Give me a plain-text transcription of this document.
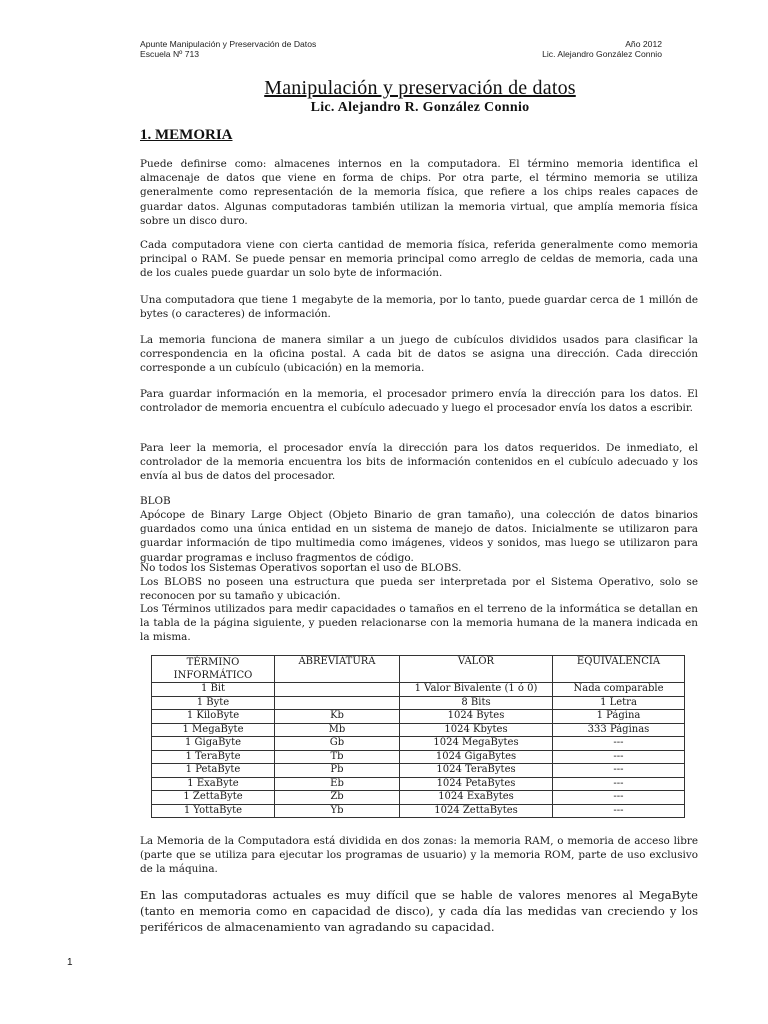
Apunte Manipulación y Preservación de Datos	Año 2012
Escuela Nº 713	Lic. Alejandro González Connio
Manipulación y preservación de datos
Lic. Alejandro R. González Connio
1. MEMORIA
Puede definirse como: almacenes internos en la computadora. El término memoria identifica el almacenaje de datos que viene en forma de chips. Por otra parte, el término memoria se utiliza generalmente como representación de la memoria física, que refiere a los chips reales capaces de guardar datos. Algunas computadoras también utilizan la memoria virtual, que amplía memoria física sobre un disco duro.
Cada computadora viene con cierta cantidad de memoria física, referida generalmente como memoria principal o RAM. Se puede pensar en memoria principal como arreglo de celdas de memoria, cada una de los cuales puede guardar un solo byte de información.
Una computadora que tiene 1 megabyte de la memoria, por lo tanto, puede guardar cerca de 1 millón de bytes (o caracteres) de información.
La memoria funciona de manera similar a un juego de cubículos divididos usados para clasificar la correspondencia en la oficina postal. A cada bit de datos se asigna una dirección. Cada dirección corresponde a un cubículo (ubicación) en la memoria.
Para guardar información en la memoria, el procesador primero envía la dirección para los datos. El controlador de memoria encuentra el cubículo adecuado y luego el procesador envía los datos a escribir.
Para leer la memoria, el procesador envía la dirección para los datos requeridos. De inmediato, el controlador de la memoria encuentra los bits de información contenidos en el cubículo adecuado y los envía al bus de datos del procesador.
BLOB
Apócope de Binary Large Object (Objeto Binario de gran tamaño), una colección de datos binarios guardados como una única entidad en un sistema de manejo de datos. Inicialmente se utilizaron para guardar información de tipo multimedia como imágenes, videos y sonidos, mas luego se utilizaron para guardar programas e incluso fragmentos de código.
No todos los Sistemas Operativos soportan el uso de BLOBS.
Los BLOBS no poseen una estructura que pueda ser interpretada por el Sistema Operativo, solo se reconocen por su tamaño y ubicación.
Los Términos utilizados para medir capacidades o tamaños en el terreno de la informática se detallan en la tabla de la página siguiente, y pueden relacionarse con la memoria humana de la manera indicada en la misma.
TÉRMINO INFORMÁTICO	ABREVIATURA	VALOR	EQUIVALENCIA
1 Bit		1 Valor Bivalente (1 ó 0)	Nada comparable
1 Byte		8 Bits	1 Letra
1 KiloByte	Kb	1024 Bytes	1 Página
1 MegaByte	Mb	1024 Kbytes	333 Páginas
1 GigaByte	Gb	1024 MegaBytes	---
1 TeraByte	Tb	1024 GigaBytes	---
1 PetaByte	Pb	1024 TeraBytes	---
1 ExaByte	Eb	1024 PetaBytes	---
1 ZettaByte	Zb	1024 ExaBytes	---
1 YottaByte	Yb	1024 ZettaBytes	---
La Memoria de la Computadora está dividida en dos zonas: la memoria RAM, o memoria de acceso libre (parte que se utiliza para ejecutar los programas de usuario) y la memoria ROM, parte de uso exclusivo de la máquina.
En las computadoras actuales es muy difícil que se hable de valores menores al MegaByte (tanto en memoria como en capacidad de disco), y cada día las medidas van creciendo y los periféricos de almacenamiento van agradando su capacidad.
1
